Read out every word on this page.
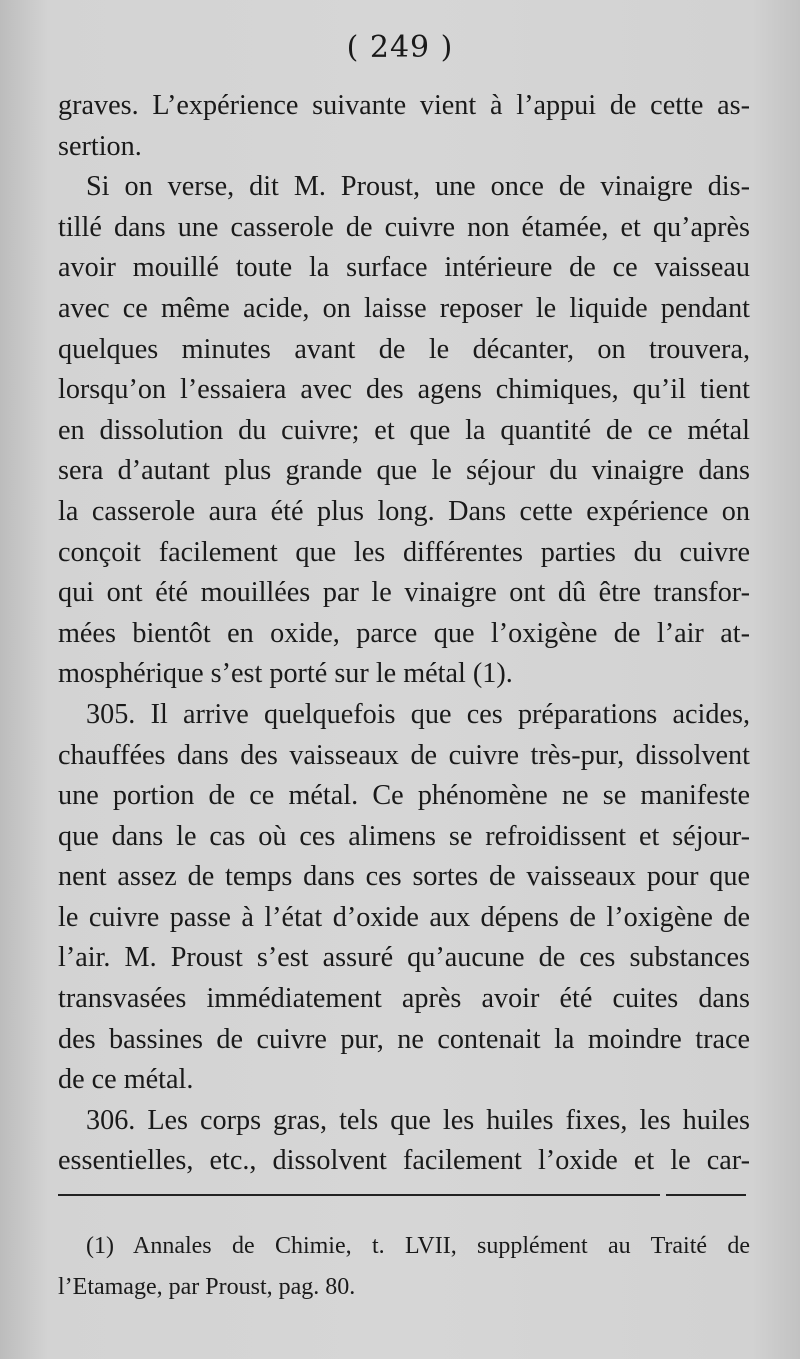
( 249 )
graves. L’expérience suivante vient à l’appui de cette as-
sertion.
Si on verse, dit M. Proust, une once de vinaigre dis-
tillé dans une casserole de cuivre non étamée, et qu’après
avoir mouillé toute la surface intérieure de ce vaisseau
avec ce même acide, on laisse reposer le liquide pendant
quelques minutes avant de le décanter, on trouvera,
lorsqu’on l’essaiera avec des agens chimiques, qu’il tient
en dissolution du cuivre; et que la quantité de ce métal
sera d’autant plus grande que le séjour du vinaigre dans
la casserole aura été plus long. Dans cette expérience on
conçoit facilement que les différentes parties du cuivre
qui ont été mouillées par le vinaigre ont dû être transfor-
mées bientôt en oxide, parce que l’oxigène de l’air at-
mosphérique s’est porté sur le métal (1).
305. Il arrive quelquefois que ces préparations acides,
chauffées dans des vaisseaux de cuivre très-pur, dissolvent
une portion de ce métal. Ce phénomène ne se manifeste
que dans le cas où ces alimens se refroidissent et séjour-
nent assez de temps dans ces sortes de vaisseaux pour que
le cuivre passe à l’état d’oxide aux dépens de l’oxigène de
l’air. M. Proust s’est assuré qu’aucune de ces substances
transvasées immédiatement après avoir été cuites dans
des bassines de cuivre pur, ne contenait la moindre trace
de ce métal.
306. Les corps gras, tels que les huiles fixes, les huiles
essentielles, etc., dissolvent facilement l’oxide et le car-
(1) Annales de Chimie, t. LVII, supplément au Traité de
l’Etamage, par Proust, pag. 80.
